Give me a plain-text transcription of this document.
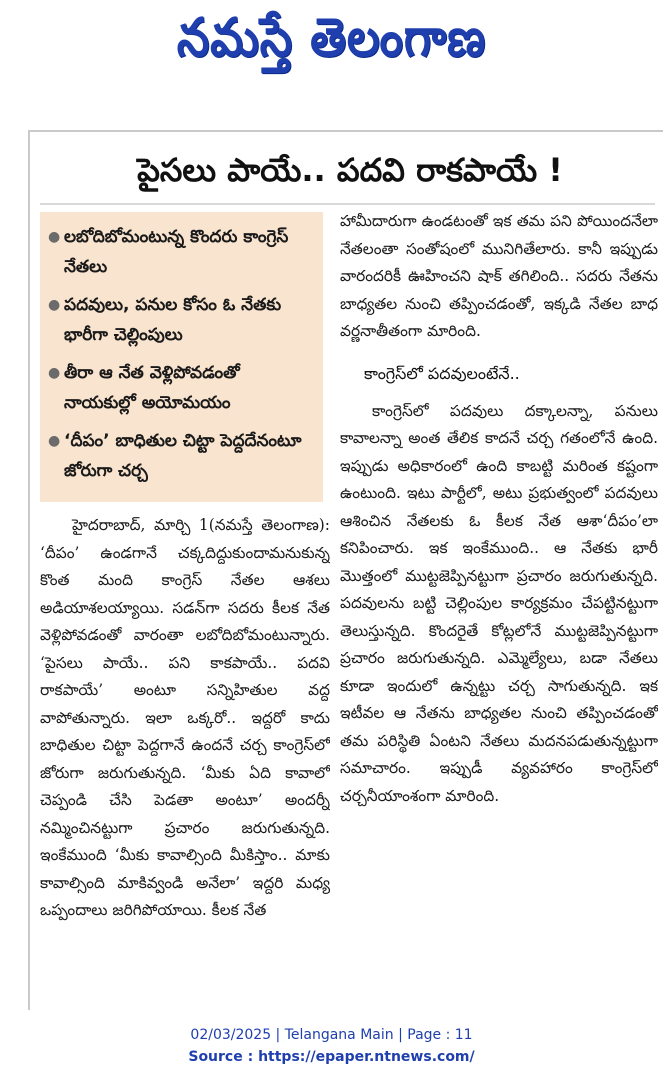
నమస్తే తెలంగాణ
పైసలు పాయే.. పదవి రాకపాయే !
● లబోదిబోమంటున్న కొందరు కాంగ్రెస్ నేతలు
● పదవులు, పనుల కోసం ఓ నేతకు భారీగా చెల్లింపులు
● తీరా ఆ నేత వెళ్లిపోవడంతో నాయకుల్లో అయోమయం
● ‘దీపం’ బాధితుల చిట్టా పెద్దదేనంటూ జోరుగా చర్చ

హైదరాబాద్, మార్చి 1(నమస్తే తెలంగాణ): ‘దీపం’ ఉండగానే చక్కదిద్దుకుందామనుకున్న కొంత మంది కాంగ్రెస్ నేతల ఆశలు అడియాశలయ్యాయి. సడన్‌గా సదరు కీలక నేత వెళ్లిపోవడంతో వారంతా లబోదిబోమంటున్నారు. ‘పైసలు పాయే.. పని కాకపాయే.. పదవి రాకపాయే’ అంటూ సన్నిహితుల వద్ద వాపోతున్నారు. ఇలా ఒక్కరో.. ఇద్దరో కాదు బాధితుల చిట్టా పెద్దగానే ఉందనే చర్చ కాంగ్రెస్‌లో జోరుగా జరుగుతున్నది. ‘మీకు ఏది కావాలో చెప్పండి చేసి పెడతా అంటూ’ అందర్నీ నమ్మించినట్టుగా ప్రచారం జరుగుతున్నది. ఇంకేముంది ‘మీకు కావాల్సింది మీకిస్తాం.. మాకు కావాల్సింది మాకివ్వండి అనేలా’ ఇద్దరి మధ్య ఒప్పందాలు జరిగిపోయాయి. కీలక నేత

హామీదారుగా ఉండటంతో ఇక తమ పని పోయిందనేలా నేతలంతా సంతోషంలో మునిగితేలారు. కానీ ఇప్పుడు వారందరికీ ఊహించని షాక్ తగిలింది.. సదరు నేతను బాధ్యతల నుంచి తప్పించడంతో, ఇక్కడి నేతల బాధ వర్ణనాతీతంగా మారింది.

కాంగ్రెస్‌లో పదవులంటేనే..

కాంగ్రెస్‌లో పదవులు దక్కాలన్నా, పనులు కావాలన్నా అంత తేలిక కాదనే చర్చ గతంలోనే ఉంది. ఇప్పుడు అధికారంలో ఉంది కాబట్టి మరింత కష్టంగా ఉంటుంది. ఇటు పార్టీలో, అటు ప్రభుత్వంలో పదవులు ఆశించిన నేతలకు ఓ కీలక నేత ఆశా‘దీపం’లా కనిపించారు. ఇక ఇంకేముంది.. ఆ నేతకు భారీ మొత్తంలో ముట్టజెప్పినట్టుగా ప్రచారం జరుగుతున్నది. పదవులను బట్టి చెల్లింపుల కార్యక్రమం చేపట్టినట్టుగా తెలుస్తున్నది. కొందరైతే కోట్లలోనే ముట్టజెప్పినట్టుగా ప్రచారం జరుగుతున్నది. ఎమ్మెల్యేలు, బడా నేతలు కూడా ఇందులో ఉన్నట్టు చర్చ సాగుతున్నది. ఇక ఇటీవల ఆ నేతను బాధ్యతల నుంచి తప్పించడంతో తమ పరిస్థితి ఏంటని నేతలు మదనపడుతున్నట్టుగా సమాచారం. ఇప్పుడీ వ్యవహారం కాంగ్రెస్‌లో చర్చనీయాంశంగా మారింది.

02/03/2025 | Telangana Main | Page : 11
Source : https://epaper.ntnews.com/
